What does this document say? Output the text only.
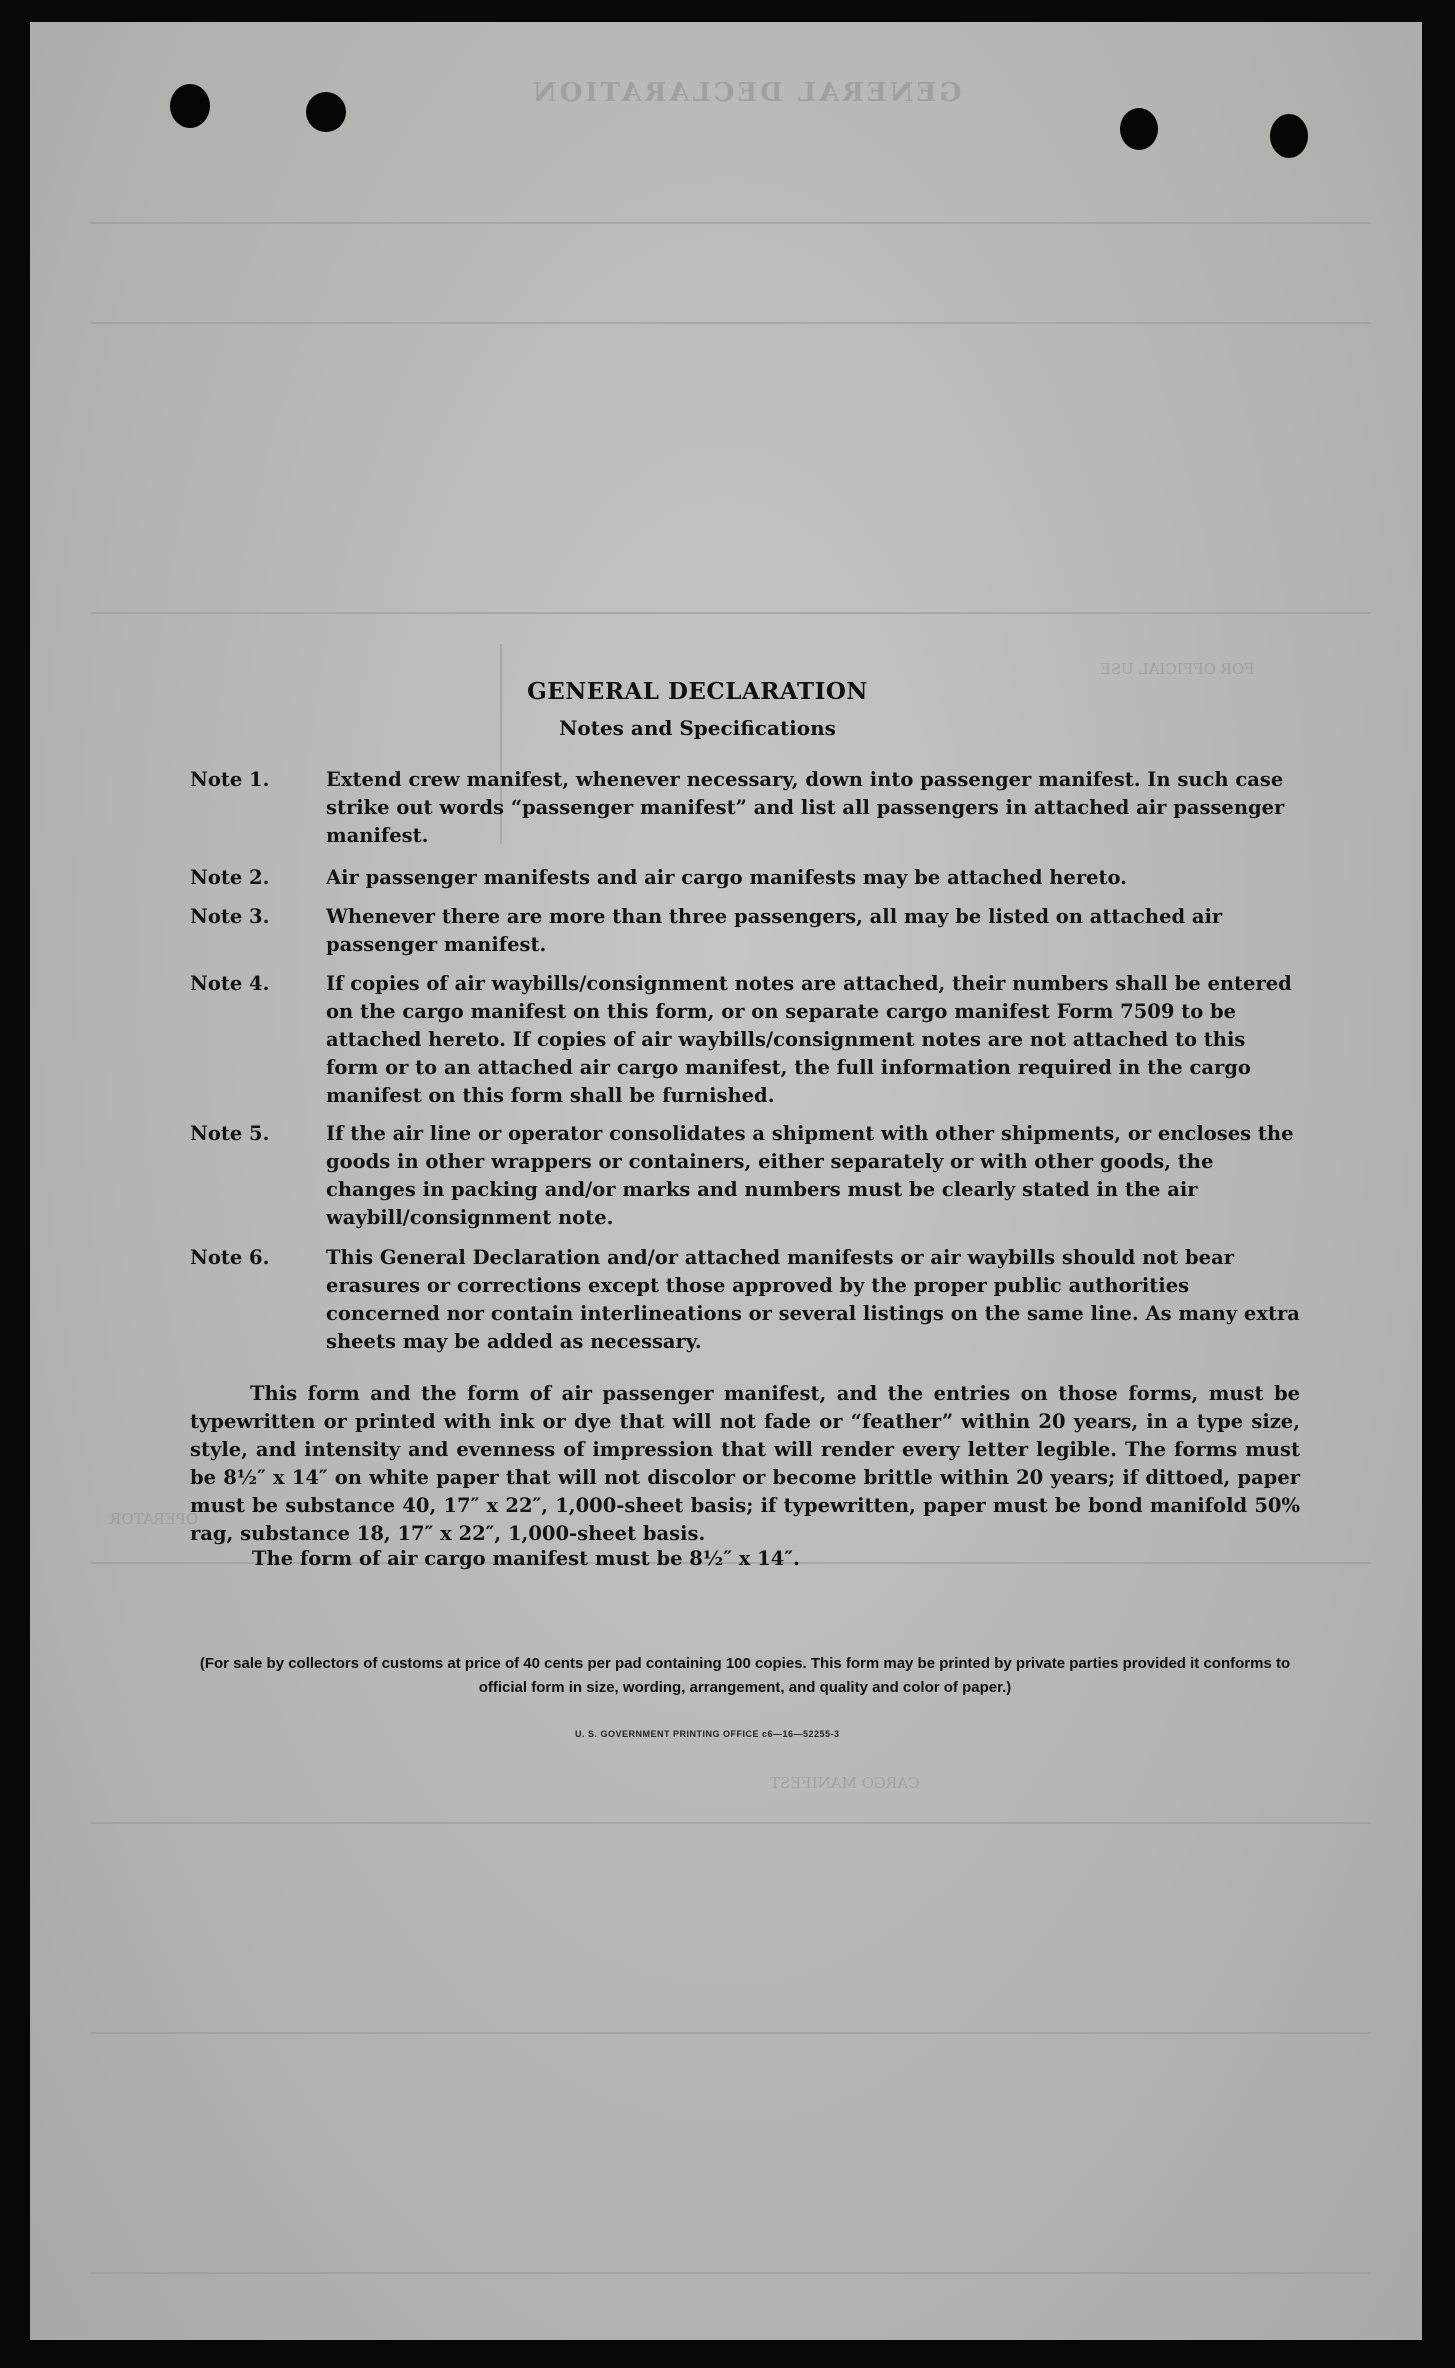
GENERAL DECLARATION
FOR OFFICIAL USE
OPERATOR
CARGO MANIFEST
GENERAL DECLARATION
Notes and Specifications
Note 1.	Extend crew manifest, whenever necessary, down into passenger manifest. In such case strike out words “passenger manifest” and list all passengers in attached air passenger manifest.
Note 2.	Air passenger manifests and air cargo manifests may be attached hereto.
Note 3.	Whenever there are more than three passengers, all may be listed on attached air passenger manifest.
Note 4.	If copies of air waybills/consignment notes are attached, their numbers shall be entered on the cargo manifest on this form, or on separate cargo manifest Form 7509 to be attached hereto. If copies of air waybills/consignment notes are not attached to this form or to an attached air cargo manifest, the full information required in the cargo manifest on this form shall be furnished.
Note 5.	If the air line or operator consolidates a shipment with other shipments, or encloses the goods in other wrappers or containers, either separately or with other goods, the changes in packing and/or marks and numbers must be clearly stated in the air waybill/consignment note.
Note 6.	This General Declaration and/or attached manifests or air waybills should not bear erasures or corrections except those approved by the proper public authorities concerned nor contain interlineations or several listings on the same line. As many extra sheets may be added as necessary.
This form and the form of air passenger manifest, and the entries on those forms, must be typewritten or printed with ink or dye that will not fade or “feather” within 20 years, in a type size, style, and intensity and evenness of impression that will render every letter legible. The forms must be 8½″ x 14″ on white paper that will not discolor or become brittle within 20 years; if dittoed, paper must be substance 40, 17″ x 22″, 1,000-sheet basis; if typewritten, paper must be bond manifold 50% rag, substance 18, 17″ x 22″, 1,000-sheet basis.
The form of air cargo manifest must be 8½″ x 14″.
(For sale by collectors of customs at price of 40 cents per pad containing 100 copies. This form may be printed by private parties provided it conforms to official form in size, wording, arrangement, and quality and color of paper.)
U. S. GOVERNMENT PRINTING OFFICE c6—16—52255-3
